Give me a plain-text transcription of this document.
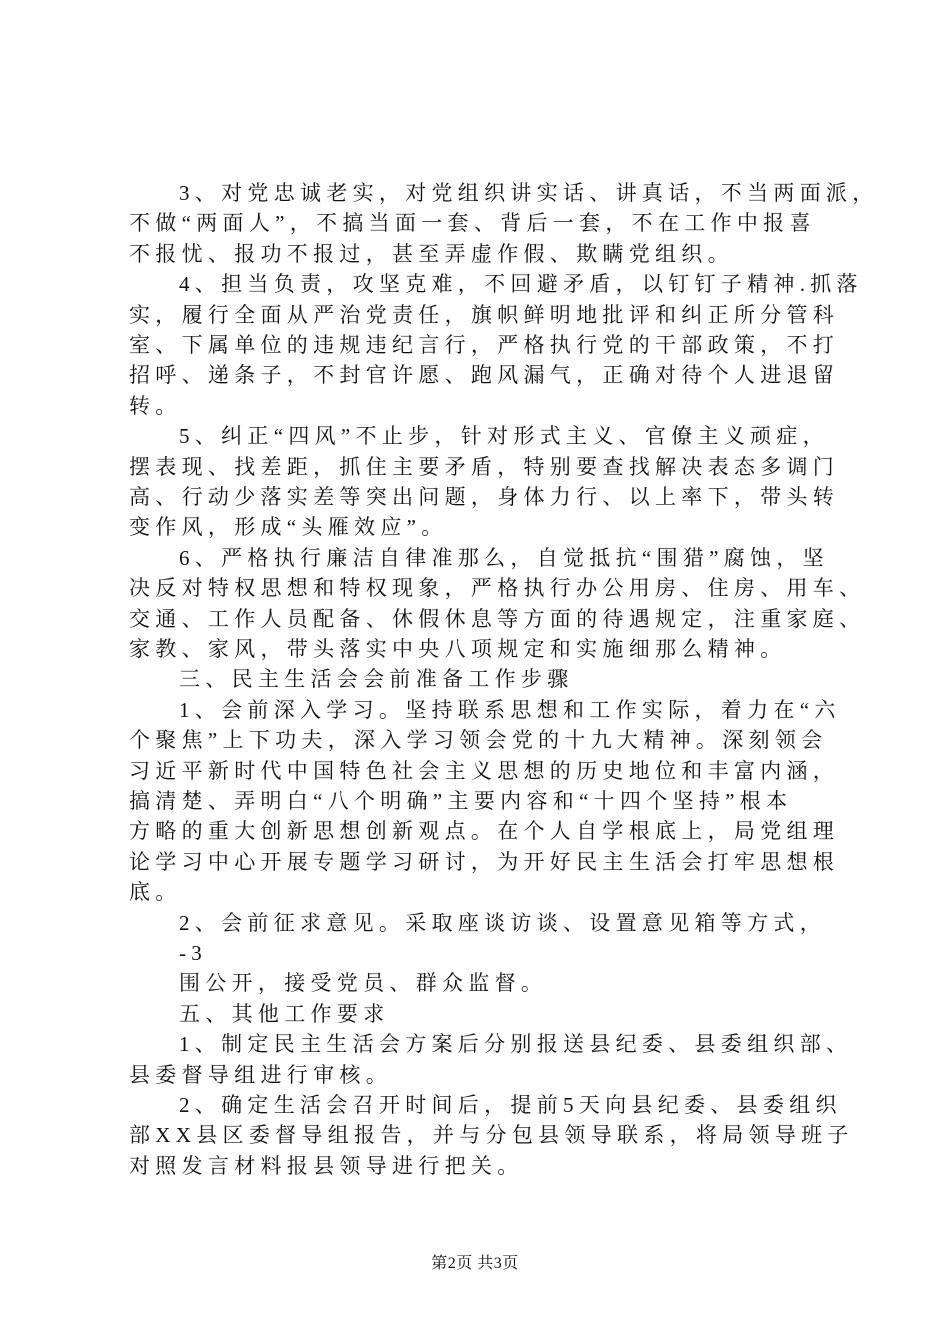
3、对党忠诚老实，对党组织讲实话、讲真话，不当两面派，
不做“两面人”，不搞当面一套、背后一套，不在工作中报喜
不报忧、报功不报过，甚至弄虚作假、欺瞒党组织。
4、担当负责，攻坚克难，不回避矛盾，以钉钉子精神.抓落
实，履行全面从严治党责任，旗帜鲜明地批评和纠正所分管科
室、下属单位的违规违纪言行，严格执行党的干部政策，不打
招呼、递条子，不封官许愿、跑风漏气，正确对待个人进退留
转。
5、纠正“四风”不止步，针对形式主义、官僚主义顽症，
摆表现、找差距，抓住主要矛盾，特别要查找解决表态多调门
高、行动少落实差等突出问题，身体力行、以上率下，带头转
变作风，形成“头雁效应”。
6、严格执行廉洁自律准那么，自觉抵抗“围猎”腐蚀，坚
决反对特权思想和特权现象，严格执行办公用房、住房、用车、
交通、工作人员配备、休假休息等方面的待遇规定，注重家庭、
家教、家风，带头落实中央八项规定和实施细那么精神。
三、民主生活会会前准备工作步骤
1、会前深入学习。坚持联系思想和工作实际，着力在“六
个聚焦”上下功夫，深入学习领会党的十九大精神。深刻领会
习近平新时代中国特色社会主义思想的历史地位和丰富内涵，
搞清楚、弄明白“八个明确”主要内容和“十四个坚持”根本
方略的重大创新思想创新观点。在个人自学根底上，局党组理
论学习中心开展专题学习研讨，为开好民主生活会打牢思想根
底。
2、会前征求意见。采取座谈访谈、设置意见箱等方式，
-3
围公开，接受党员、群众监督。
五、其他工作要求
1、制定民主生活会方案后分别报送县纪委、县委组织部、
县委督导组进行审核。
2、确定生活会召开时间后，提前5天向县纪委、县委组织
部XX县区委督导组报告，并与分包县领导联系，将局领导班子
对照发言材料报县领导进行把关。
第2页 共3页
